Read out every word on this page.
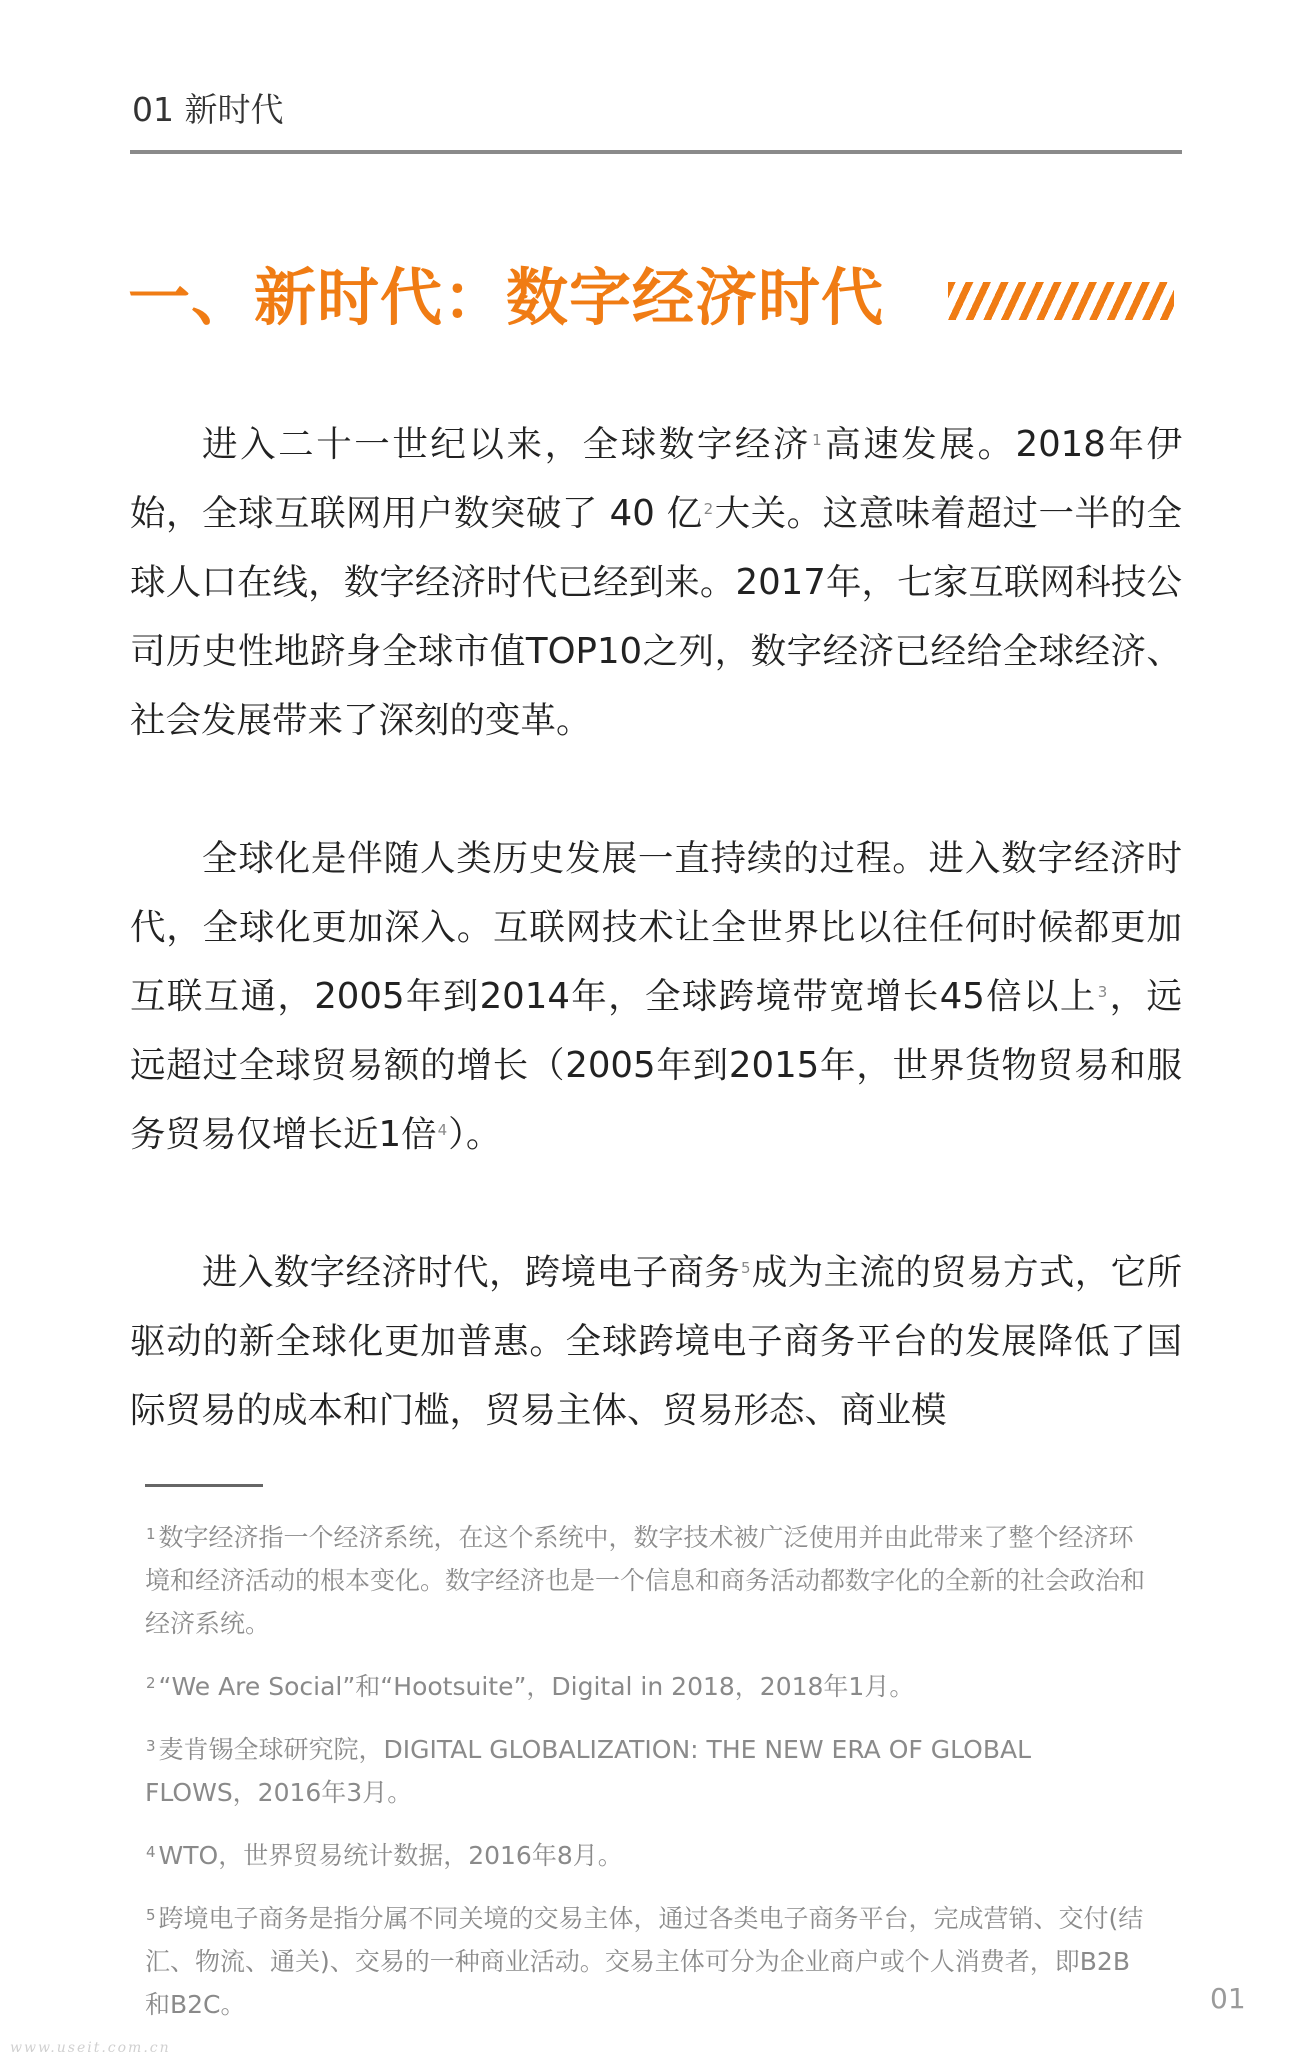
01 新时代
一、新时代：数字经济时代

进入二十一世纪以来，全球数字经济$^1$高速发展。2018年伊始，全球互联网用户数突破了 40 亿$^2$大关。这意味着超过一半的全球人口在线，数字经济时代已经到来。2017年，七家互联网科技公司历史性地跻身全球市值TOP10之列，数字经济已经给全球经济、社会发展带来了深刻的变革。

全球化是伴随人类历史发展一直持续的过程。进入数字经济时代，全球化更加深入。互联网技术让全世界比以往任何时候都更加互联互通，2005年到2014年，全球跨境带宽增长45倍以上$^3$，远远超过全球贸易额的增长（2005年到2015年，世界货物贸易和服务贸易仅增长近1倍$^4$）。

进入数字经济时代，跨境电子商务$^5$成为主流的贸易方式，它所驱动的新全球化更加普惠。全球跨境电子商务平台的发展降低了国际贸易的成本和门槛，贸易主体、贸易形态、商业模

$^1$ 数字经济指一个经济系统，在这个系统中，数字技术被广泛使用并由此带来了整个经济环境和经济活动的根本变化。数字经济也是一个信息和商务活动都数字化的全新的社会政治和经济系统。
$^2$ “We Are Social”和“Hootsuite”，Digital in 2018，2018年1月。
$^3$ 麦肯锡全球研究院，DIGITAL GLOBALIZATION: THE NEW ERA OF GLOBAL FLOWS，2016年3月。
$^4$ WTO，世界贸易统计数据，2016年8月。
$^5$ 跨境电子商务是指分属不同关境的交易主体，通过各类电子商务平台，完成营销、交付(结汇、物流、通关)、交易的一种商业活动。交易主体可分为企业商户或个人消费者，即B2B和B2C。	01
www.useit.com.cn
